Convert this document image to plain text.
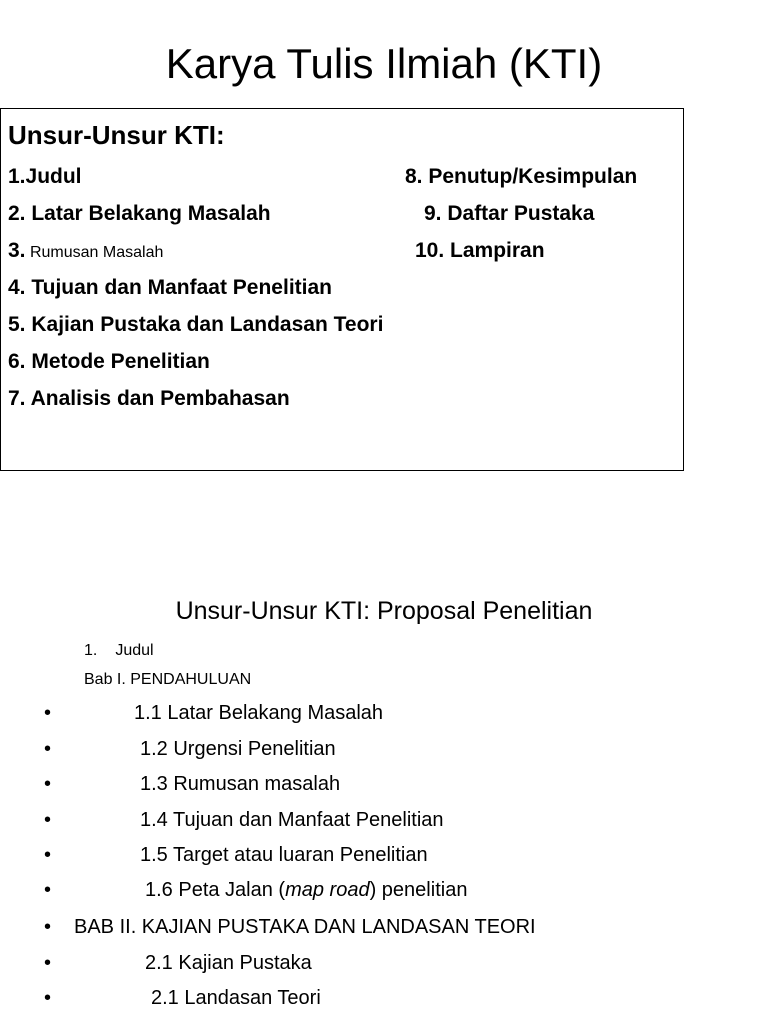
Karya Tulis Ilmiah (KTI)
Unsur-Unsur KTI:
1.Judul
2. Latar Belakang Masalah
3. Rumusan Masalah
4. Tujuan dan Manfaat Penelitian
5. Kajian Pustaka dan Landasan Teori
6. Metode Penelitian
7. Analisis dan Pembahasan
8. Penutup/Kesimpulan
9. Daftar Pustaka
10. Lampiran
Unsur-Unsur KTI: Proposal Penelitian
1. Judul
Bab I. PENDAHULUAN
•	1.1 Latar Belakang Masalah
•	1.2 Urgensi Penelitian
•	1.3 Rumusan masalah
•	1.4 Tujuan dan Manfaat Penelitian
•	1.5 Target atau luaran Penelitian
•	1.6 Peta Jalan (map road) penelitian
• BAB II. KAJIAN PUSTAKA DAN LANDASAN TEORI
•	2.1 Kajian Pustaka
•	2.1 Landasan Teori
